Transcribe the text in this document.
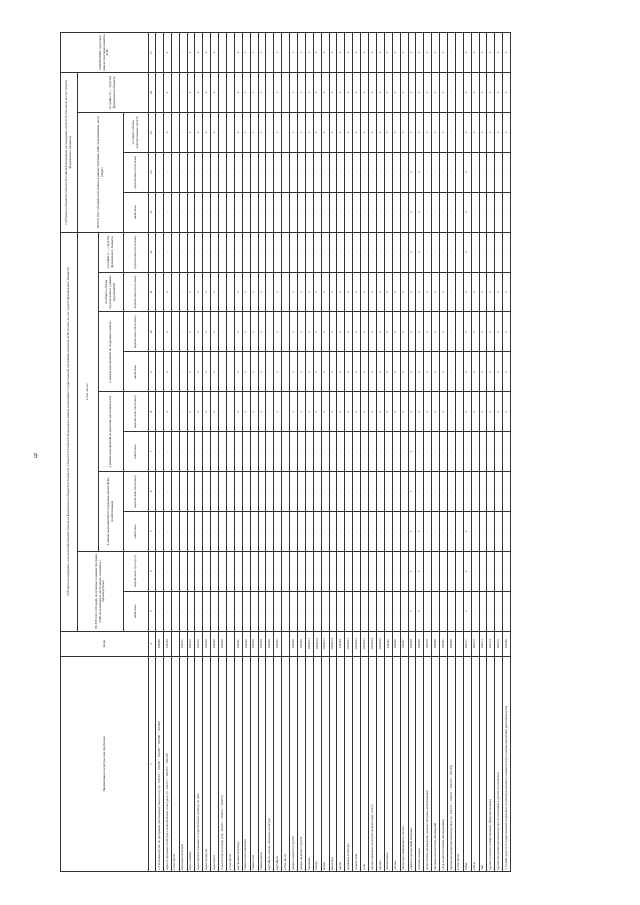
9
Наименование культуры/ вид продукции	Коды	Субсидии на поддержку сельскохозяйственной отрасли из федерального бюджета и бюджетов субъектов Российской Федерации в рамках реализации государственной программы развития АПК (из них за счет средств федерального бюджета)										Субсидии из бюджета субъекта Российской Федерации на поддержку отрасли (в том числе за счет средств федерального бюджета)				СПРАВОЧНО: средства в рамках программ развития АПК
		ВСЕГО (без субсидий, полученных в рамках программ АПК на возмещение части затрат, связанных с производством)		в том числе:								ВСЕГО (без субсидий, полученных в рамках программ АПК на возмещение части затрат)			из графы 15 — средства федерального бюджета	
				в рамках мероприятий по поддержке малых форм хозяйствования		в рамках мероприятий по развитию растениеводства		в рамках мероприятий по поддержке отрасли		из общего объема перечисленных в рамках мероприятий	из графы 11 — средства федерального бюджета					
		начислено	перечислено (гр.3-гр.4)	начислено	перечислено (получено)	начислено	перечислено (получено)	начислено	перечислено (получено)	перечислено (получено)	перечислено (получено)	начислено	перечислено (получено)	из общего объема перечисленных средств		
1	2	3	4	5	6	7	8	9	10	11	12	13	14	15	16	17
2. Растениеводство по программе растениеводства (всего) (стр. 103210 + 103250 + 103280 + 102390 + 102300)	102200	-	-	-	-	-	-	-	-	-	-	-	-	-	-	-
зерно и зерновые культуры и зернобобовые культуры (стр. 102211 + 102215 + 102219)	102210	-	-	-	-	-	x	x	x	x	-	-	-	x	x	x
в том числе:																
зерновые культуры	102211	-	-	-	-	-	-	-	-	-	-	-	-	-	-	-
зерно озимых	102212	-	-	-	-	-	x	x	x	x	-	-	-	x	x	x
зерно яровых зерновых и зернобобовых культур, из них:	102215	-	-	-	-	-	x	x	x	x	-	-	-	x	x	x
зерно кукурузы	102219	-	-	-	-	-	x	x	x	x	-	-	-	x	x	x
зерно риса	102220	-	-	-	-	-	x	x	x	x	-	-	-	x	x	x
технические культуры (стр. 102251 + 102253 + 102255)	102250	-	-	-	-	-	-	-	-	-	-	-	-	-	-	-
в том числе:																
масличные культуры	102251	-	-	-	-	-	x	x	x	x	-	-	-	x	x	x
семена подсолнечника	102252	-	-	-	-	-	x	x	x	x	-	-	-	x	x	x
семена сои	102253	-	-	-	-	-	x	x	x	x	-	-	-	x	x	x
семена рапса	102254	-	-	-	-	-	x	x	x	x	-	-	-	x	x	x
картофель, овощи, бахчевые культуры	102260	-	-	-	-	-	-	-	-	-	-	-	-	-	-	-
картофель	102261	-	-	-	-	-	x	x	x	x	-	-	-	x	x	x
в том числе:																
овощи открытого грунта	102262	-	-	-	-	-	x	x	x	x	-	-	-	x	x	x
овощи закрытого грунта	102263	-	-	-	-	-	x	x	x	x	-	-	-	x	x	x
бахчевые	102263.1	-	-	-	-	-	x	x	x	x	-	-	-	x	x	x
плоды	102263.2	-	-	-	-	-	x	x	x	x	-	-	-	x	x	x
ягоды	102263.3	-	-	-	-	-	x	x	x	x	-	-	-	x	x	x
виноград	102263.4	-	-	-	-	-	x	x	x	x	-	-	-	x	x	x
цветы	102264	-	-	-	-	-	x	x	x	x	-	-	-	x	x	x
кормовые культуры	102264.1	-	-	-	-	-	x	x	x	x	-	-	-	x	x	x
семена трав	102264.2	-	-	-	-	-	x	x	x	x	-	-	-	x	x	x
сено	102264.3	-	-	-	-	-	x	x	x	x	-	-	-	x	x	x
прочие кормовые культуры (корнеплоды, силос)	102264.4	-	-	-	-	-	x	x	x	x	-	-	-	x	x	x
прочие	102264.5	-	-	-	-	-	x	x	x	x	-	-	-	x	x	x
льноволокно	102265	-	-	-	-	-	x	x	x	x	-	-	-	x	x	x
хлопок	102266	-	-	-	-	-	x	x	x	x	-	-	-	x	x	x
продукция защищенного грунта	102267	-	-	-	-	-	x	x	x	x	-	-	-	x	x	x
семена и посадочный материал	102268	x	x	x	x	x	x	x	x	x	x	x	x	x	x	x
элитные семена	102269	x	x	x	-	-	x	x	x	x	x	x	x	x	x	x
многолетние насаждения, плодово-ягодные, виноградники	102270	-	-	-	-	-	x	x	x	x	-	-	-	x	x	x
закладка многолетних насаждений	102280	-	-	-	-	-	x	x	x	x	-	-	-	x	x	x
уход за многолетними насаждениями	102281	-	-	-	-	-	x	x	x	x	-	-	-	x	x	x
прочая продукция растениеводства (стр. 102271 + 102272 + 102273 + 102274)	102290	-	-	-	-	-	-	-	-	-	-	-	-	-	-	-
в том числе:																
табак	102271	x	x	x	-	-	x	x	x	x	x	x	x	x	x	x
хмель	102272	-	-	-	-	-	x	x	x	x	-	-	-	x	x	x
чай	102273	-	-	-	-	-	x	x	x	x	-	-	-	x	x	x
прочие культуры (лекарственные, эфиромасличные)	102274	-	-	-	-	-	x	x	x	x	-	-	-	x	x	x
прочая продукция растениеводства, не вошедшая в другие группировки	102275	-	-	-	-	-	x	x	x	x	-	-	-	x	x	x
3. Сумма средств государственной поддержки, не распределенная по видам культур и видам продукции растениеводства	102300	-	-	-	-	-	x	x	x	x	-	-	-	x	x	x
